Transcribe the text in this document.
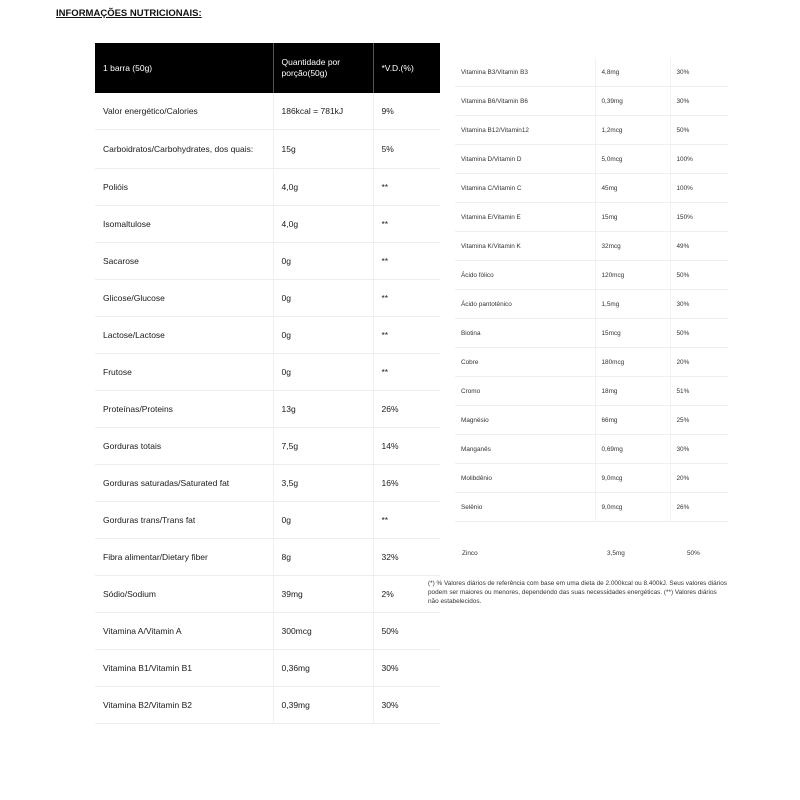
INFORMAÇÕES NUTRICIONAIS:
1 barra (50g)	Quantidade por porção(50g)	*V.D.(%)
Valor energético/Calories	186kcal = 781kJ	9%
Carboidratos/Carbohydrates, dos quais:	15g	5%
Polióis	4,0g	**
Isomaltulose	4,0g	**
Sacarose	0g	**
Glicose/Glucose	0g	**
Lactose/Lactose	0g	**
Frutose	0g	**
Proteínas/Proteins	13g	26%
Gorduras totais	7,5g	14%
Gorduras saturadas/Saturated fat	3,5g	16%
Gorduras trans/Trans fat	0g	**
Fibra alimentar/Dietary fiber	8g	32%
Sódio/Sodium	39mg	2%
Vitamina A/Vitamin A	300mcg	50%
Vitamina B1/Vitamin B1	0,36mg	30%
Vitamina B2/Vitamin B2	0,39mg	30%
Vitamina B3/Vitamin B3	4,8mg	30%
Vitamina B6/Vitamin B6	0,39mg	30%
Vitamina B12/Vitamin12	1,2mcg	50%
Vitamina D/Vitamin D	5,0mcg	100%
Vitamina C/Vitamin C	45mg	100%
Vitamina E/Vitamin E	15mg	150%
Vitamina K/Vitamin K	32mcg	49%
Ácido fólico	120mcg	50%
Ácido pantotênico	1,5mg	30%
Biotina	15mcg	50%
Cobre	180mcg	20%
Cromo	18mg	51%
Magnésio	66mg	25%
Manganês	0,69mg	30%
Molibdênio	9,0mcg	20%
Selênio	9,0mcg	26%
Zinco	3,5mg	50%
(*) % Valores diários de referência com base em uma dieta de 2.000kcal ou 8.400kJ. Seus valores diários podem ser maiores ou menores, dependendo das suas necessidades energéticas. (**) Valores diários não estabelecidos.
